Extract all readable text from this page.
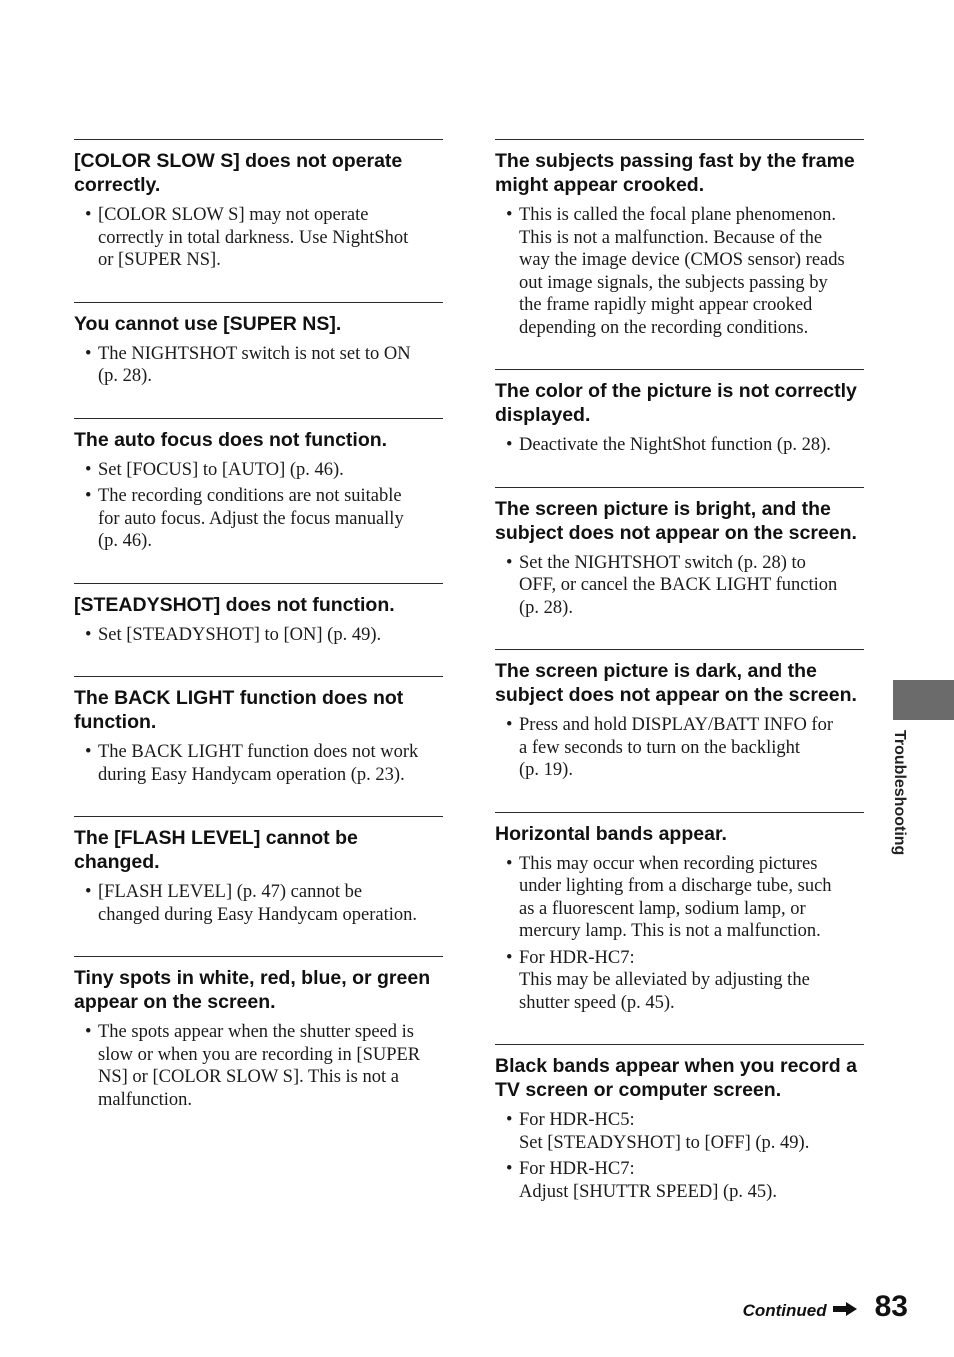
[COLOR SLOW S] does not operate correctly.
• [COLOR SLOW S] may not operate
correctly in total darkness. Use NightShot
or [SUPER NS].
You cannot use [SUPER NS].
• The NIGHTSHOT switch is not set to ON
(p. 28).
The auto focus does not function.
• Set [FOCUS] to [AUTO] (p. 46).
• The recording conditions are not suitable
for auto focus. Adjust the focus manually
(p. 46).
[STEADYSHOT] does not function.
• Set [STEADYSHOT] to [ON] (p. 49).
The BACK LIGHT function does not function.
• The BACK LIGHT function does not work
during Easy Handycam operation (p. 23).
The [FLASH LEVEL] cannot be changed.
• [FLASH LEVEL] (p. 47) cannot be
changed during Easy Handycam operation.
Tiny spots in white, red, blue, or green appear on the screen.
• The spots appear when the shutter speed is
slow or when you are recording in [SUPER
NS] or [COLOR SLOW S]. This is not a
malfunction.
The subjects passing fast by the frame might appear crooked.
• This is called the focal plane phenomenon.
This is not a malfunction. Because of the
way the image device (CMOS sensor) reads
out image signals, the subjects passing by
the frame rapidly might appear crooked
depending on the recording conditions.
The color of the picture is not correctly displayed.
• Deactivate the NightShot function (p. 28).
The screen picture is bright, and the subject does not appear on the screen.
• Set the NIGHTSHOT switch (p. 28) to
OFF, or cancel the BACK LIGHT function
(p. 28).
The screen picture is dark, and the subject does not appear on the screen.
• Press and hold DISPLAY/BATT INFO for
a few seconds to turn on the backlight
(p. 19).
Horizontal bands appear.
• This may occur when recording pictures
under lighting from a discharge tube, such
as a fluorescent lamp, sodium lamp, or
mercury lamp. This is not a malfunction.
• For HDR-HC7:
This may be alleviated by adjusting the
shutter speed (p. 45).
Black bands appear when you record a TV screen or computer screen.
• For HDR-HC5:
Set [STEADYSHOT] to [OFF] (p. 49).
• For HDR-HC7:
Adjust [SHUTTR SPEED] (p. 45).
Troubleshooting
Continued 83
